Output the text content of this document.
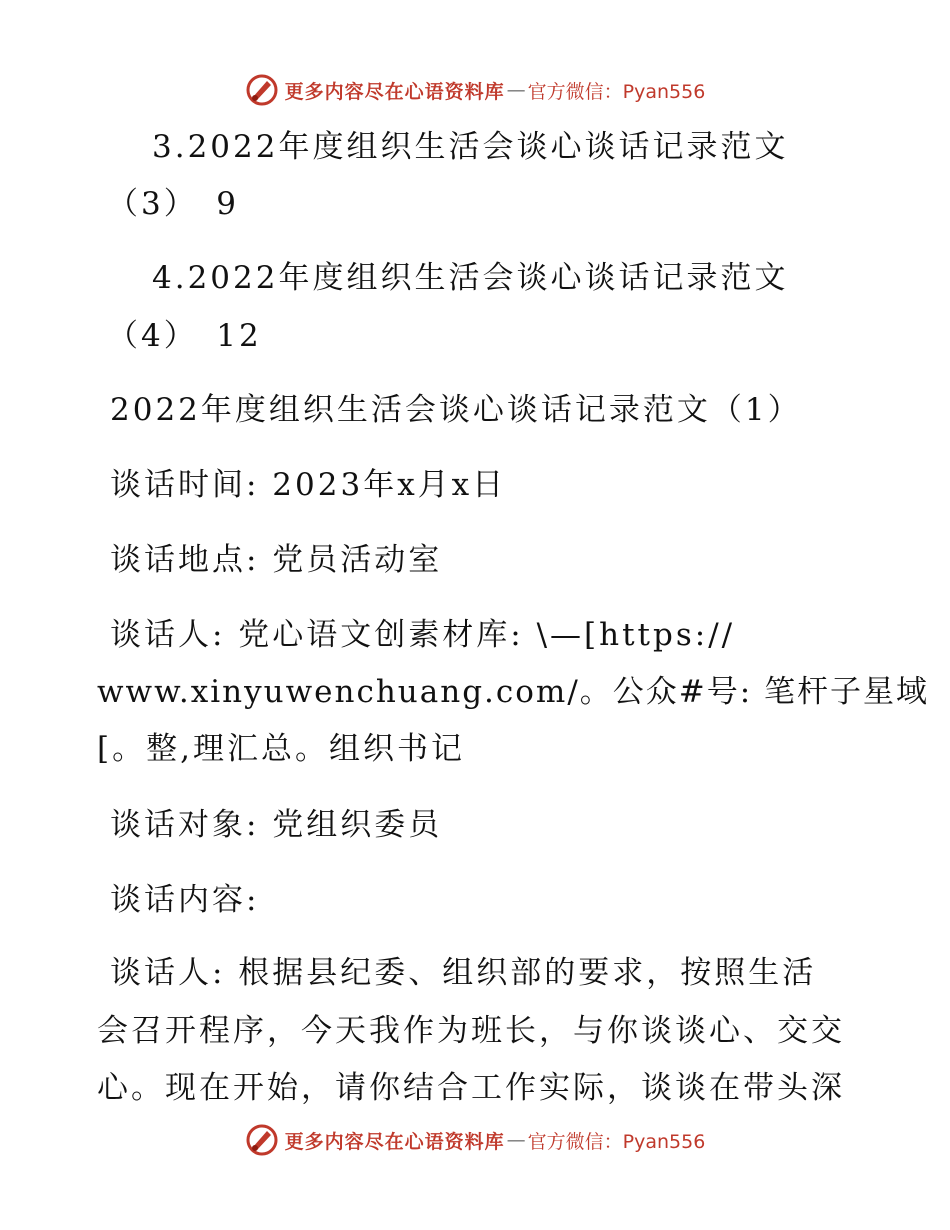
更多内容尽在心语资料库 — 官方微信：Pyan556
3.2022年度组织生活会谈心谈话记录范文
（3）　9
4.2022年度组织生活会谈心谈话记录范文
（4）　12
2022年度组织生活会谈心谈话记录范文（1）
谈话时间: 2023年x月x日
谈话地点: 党员活动室
谈话人: 党心语文创素材库: \—[https://
www.xinyuwenchuang.com/。公众#号: 笔杆子星域
[。整,理汇总。组织书记
谈话对象: 党组织委员
谈话内容:
谈话人: 根据县纪委、组织部的要求，按照生活
会召开程序，今天我作为班长，与你谈谈心、交交
心。现在开始，请你结合工作实际，谈谈在带头深
更多内容尽在心语资料库 — 官方微信：Pyan556
